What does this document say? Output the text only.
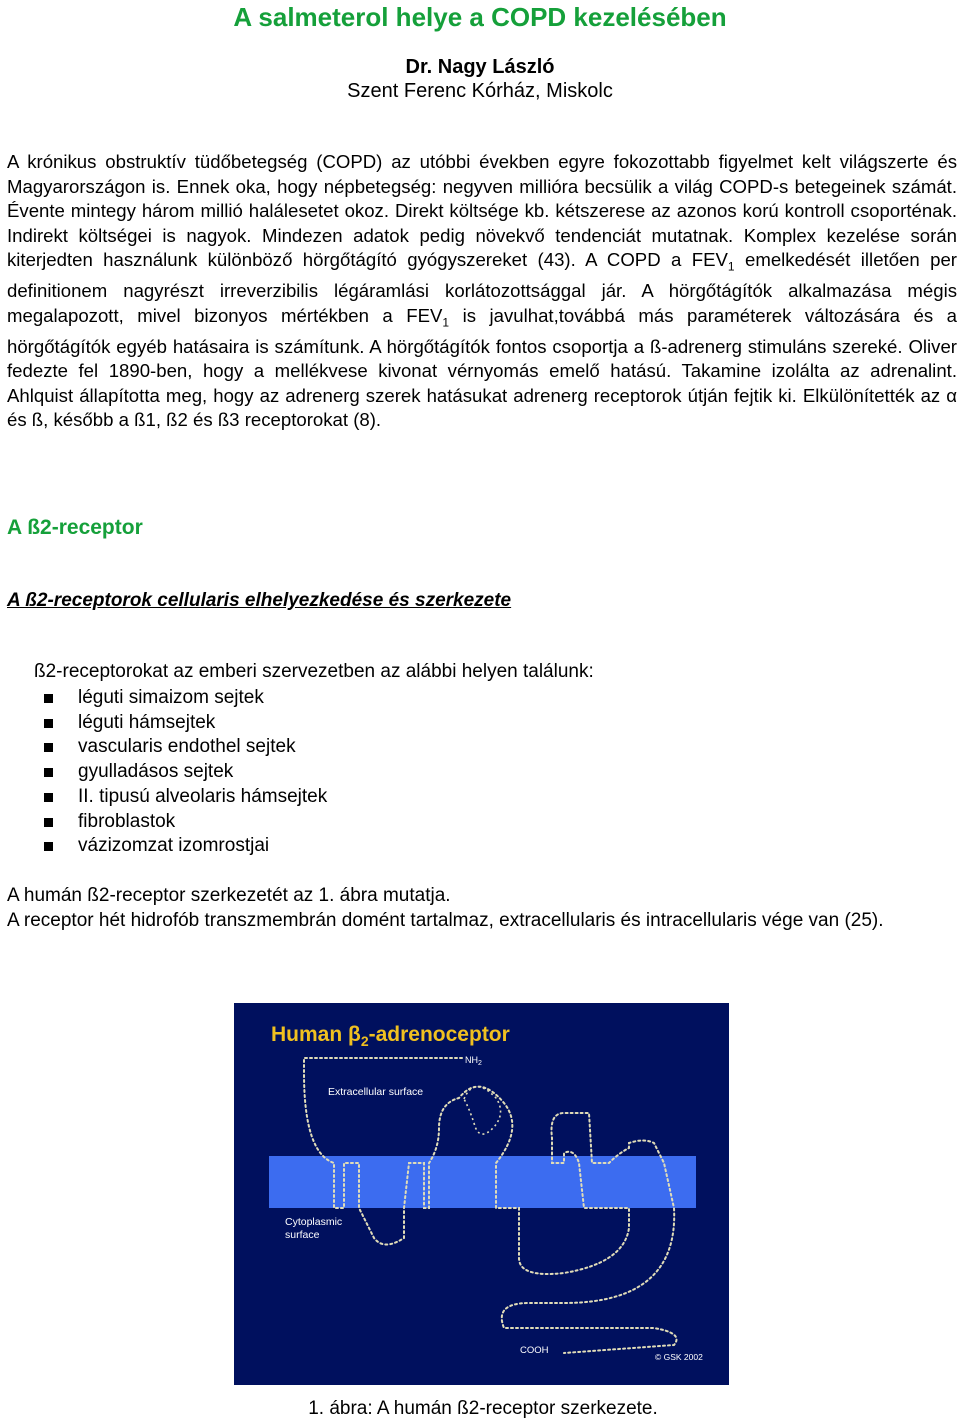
A salmeterol helye a COPD kezelésében

Dr. Nagy László

Szent Ferenc Kórház, Miskolc

A krónikus obstruktív tüdőbetegség (COPD) az utóbbi években egyre fokozottabb figyelmet kelt világszerte és Magyarországon is. Ennek oka, hogy népbetegség: negyven millióra becsülik a világ COPD-s betegeinek számát. Évente mintegy három millió halálesetet okoz. Direkt költsége kb. kétszerese az azonos korú kontroll csoporténak. Indirekt költségei is nagyok. Mindezen adatok pedig növekvő tendenciát mutatnak. Komplex kezelése során kiterjedten használunk különböző hörgőtágító gyógyszereket (43). A COPD a $FEV_1$ emelkedését illetően per definitionem nagyrészt irreverzibilis légáramlási korlátozottsággal jár. A hörgőtágítók alkalmazása mégis megalapozott, mivel bizonyos mértékben a $FEV_1$ is javulhat,továbbá más paraméterek változására és a hörgőtágítók egyéb hatásaira is számítunk. A hörgőtágítók fontos csoportja a ß-adrenerg stimuláns szereké. Oliver fedezte fel 1890-ben, hogy a mellékvese kivonat vérnyomás emelő hatású. Takamine izolálta az adrenalint. Ahlquist állapította meg, hogy az adrenerg szerek hatásukat adrenerg receptorok útján fejtik ki. Elkülönítették az α és ß, később a ß1, ß2 és ß3 receptorokat (8).

A ß2-receptor
A ß2-receptorok cellularis elhelyezkedése és szerkezete

ß2-receptorokat az emberi szervezetben az alábbi helyen találunk:

léguti simaizom sejtek
léguti hámsejtek
vascularis endothel sejtek
gyulladásos sejtek
II. tipusú alveolaris hámsejtek
fibroblastok
vázizomzat izomrostjai

A humán ß2-receptor szerkezetét az 1. ábra mutatja.
A receptor hét hidrofób transzmembrán domént tartalmaz, extracellularis és intracellularis vége van (25).

Human $\beta_2$-adrenoceptor
$NH_2$
Extracellular surface
Cytoplasmic
surface
COOH
© GSK 2002

1. ábra: A humán ß2-receptor szerkezete.
